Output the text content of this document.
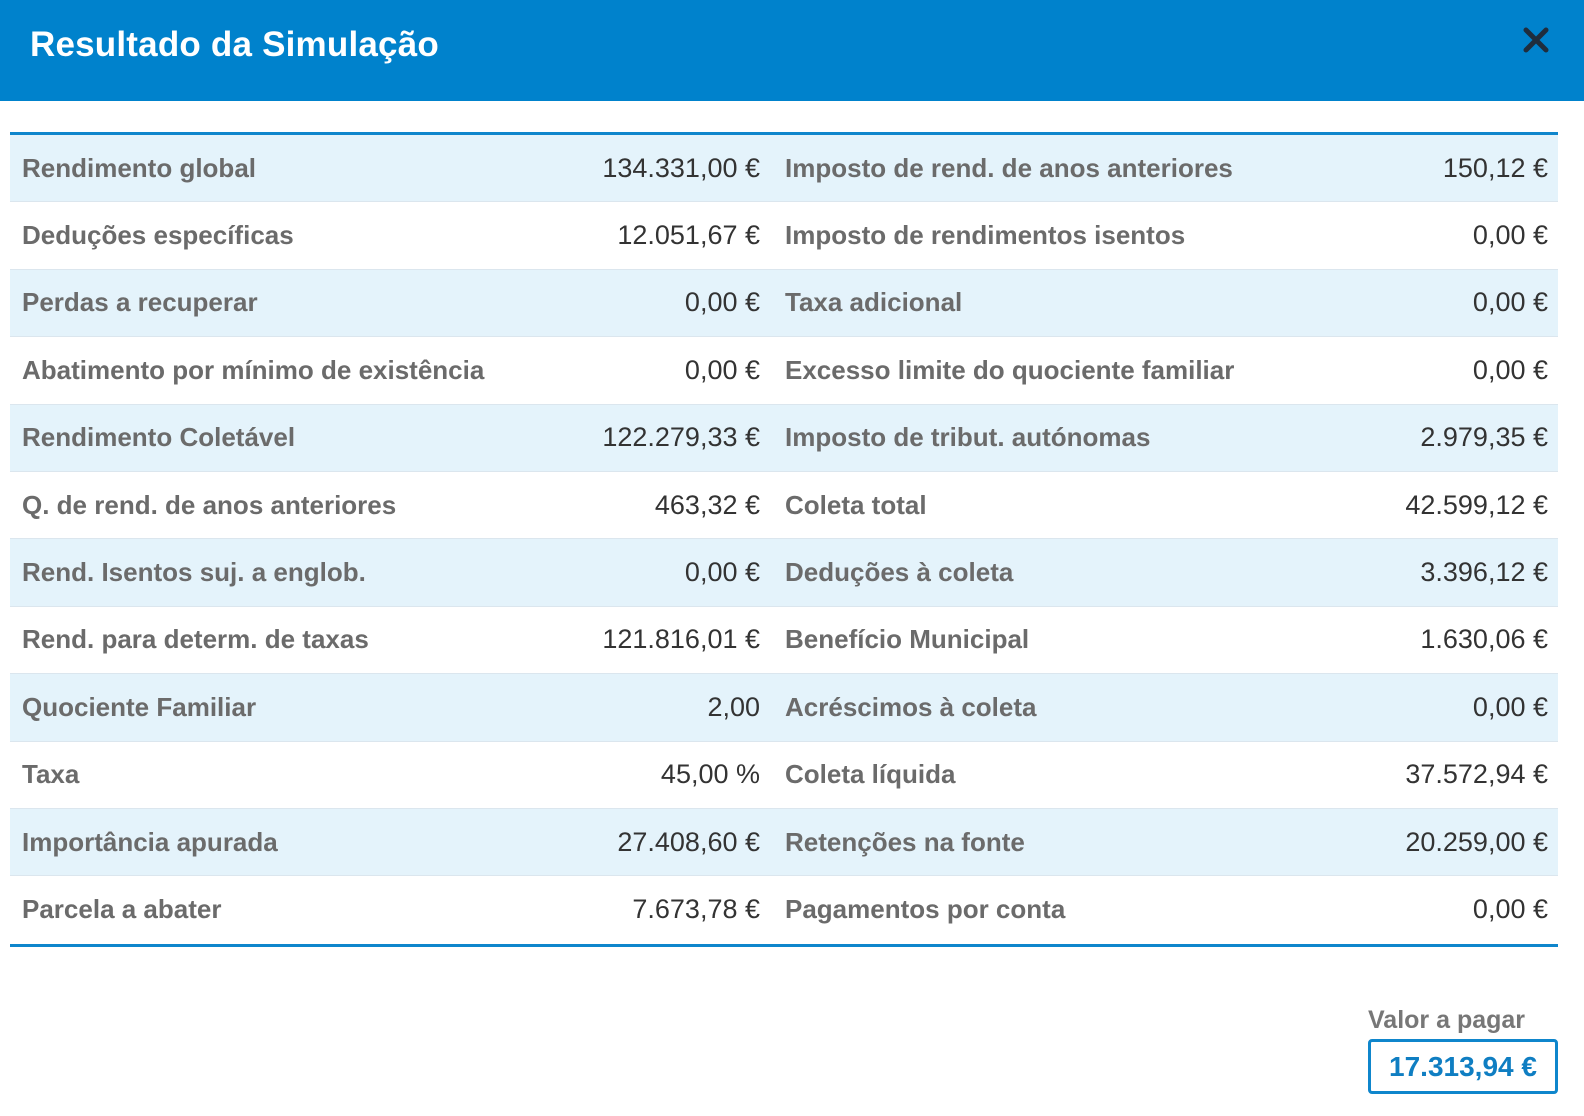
Resultado da Simulação
Rendimento global	134.331,00 € Imposto de rend. de anos anteriores	150,12 €
Deduções específicas	12.051,67 € Imposto de rendimentos isentos	0,00 €
Perdas a recuperar	0,00 € Taxa adicional	0,00 €
Abatimento por mínimo de existência	0,00 € Excesso limite do quociente familiar	0,00 €
Rendimento Coletável	122.279,33 € Imposto de tribut. autónomas	2.979,35 €
Q. de rend. de anos anteriores	463,32 € Coleta total	42.599,12 €
Rend. Isentos suj. a englob.	0,00 € Deduções à coleta	3.396,12 €
Rend. para determ. de taxas	121.816,01 € Benefício Municipal	1.630,06 €
Quociente Familiar	2,00 Acréscimos à coleta	0,00 €
Taxa	45,00 % Coleta líquida	37.572,94 €
Importância apurada	27.408,60 € Retenções na fonte	20.259,00 €
Parcela a abater	7.673,78 € Pagamentos por conta	0,00 €
Valor a pagar
17.313,94 €
